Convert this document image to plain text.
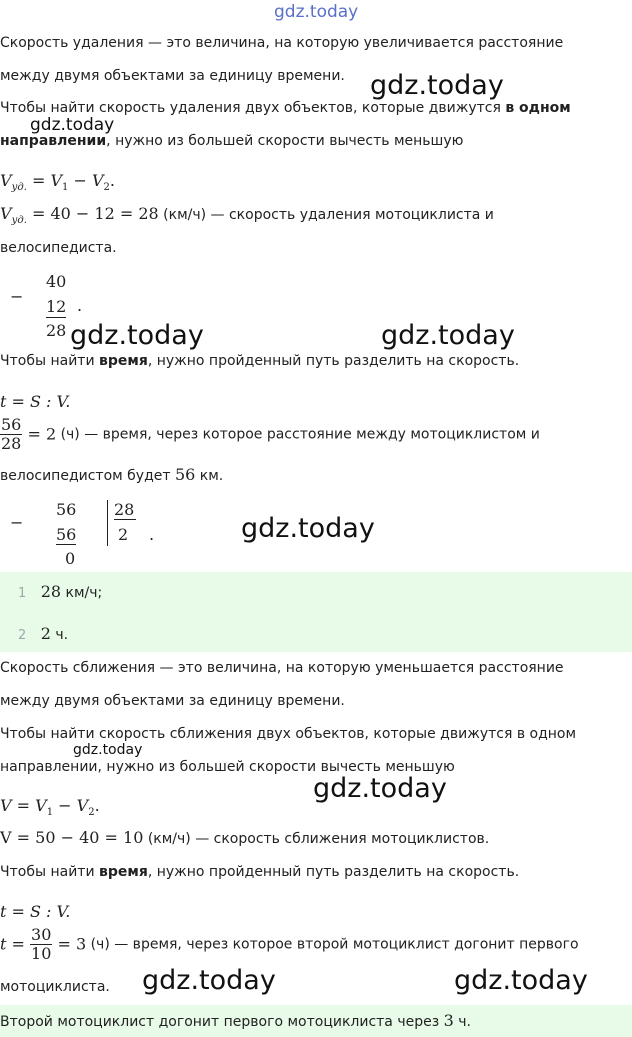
gdz.today
gdz.today
gdz.today
gdz.today	gdz.today
gdz.today
gdz.today
gdz.today
gdz.today	gdz.today
Скорость удаления — это величина, на которую увеличивается расстояние
между двумя объектами за единицу времени.
Чтобы найти скорость удаления двух объектов, которые движутся в одном
направлении, нужно из большей скорости вычесть меньшую
$V_{уд.} = V_1 - V_2$.
$V_{уд.} = 40 - 12 = 28$ (км/ч) — скорость удаления мотоциклиста и
велосипедиста.
−
40
12 .
28
Чтобы найти время, нужно пройденный путь разделить на скорость.
t = S : V.
$\frac{56}{28} = 2$ (ч) — время, через которое расстояние между мотоциклистом и
велосипедистом будет 56 км.
−
56
56
0
28
2 .
1 28 км/ч;
2 2 ч.
Скорость сближения — это величина, на которую уменьшается расстояние
между двумя объектами за единицу времени.
Чтобы найти скорость сближения двух объектов, которые движутся в одном
направлении, нужно из большей скорости вычесть меньшую
$V = V_1 - V_2$.
V = 50 − 40 = 10 (км/ч) — скорость сближения мотоциклистов.
Чтобы найти время, нужно пройденный путь разделить на скорость.
t = S : V.
$t = \frac{30}{10} = 3$ (ч) — время, через которое второй мотоциклист догонит первого
мотоциклиста.
Второй мотоциклист догонит первого мотоциклиста через 3 ч.
